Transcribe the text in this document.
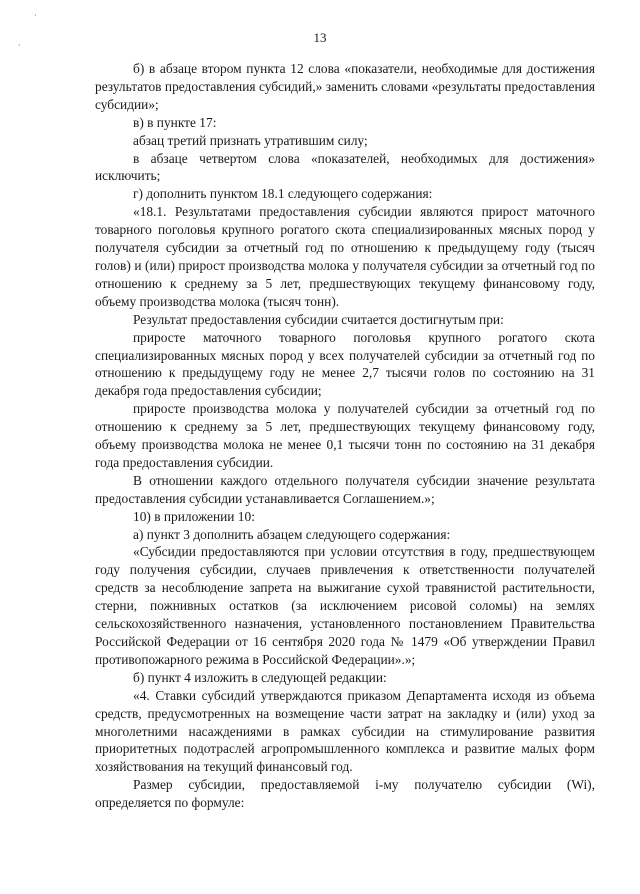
·
·
13

б) в абзаце втором пункта 12 слова «показатели, необходимые для достижения результатов предоставления субсидий,» заменить словами «результаты предоставления субсидии»;

в) в пункте 17:

абзац третий признать утратившим силу;

в абзаце четвертом слова «показателей, необходимых для достижения» исключить;

г) дополнить пунктом 18.1 следующего содержания:

«18.1. Результатами предоставления субсидии являются прирост маточного товарного поголовья крупного рогатого скота специализированных мясных пород у получателя субсидии за отчетный год по отношению к предыдущему году (тысяч голов) и (или) прирост производства молока у получателя субсидии за отчетный год по отношению к среднему за 5 лет, предшествующих текущему финансовому году, объему производства молока (тысяч тонн).

Результат предоставления субсидии считается достигнутым при:

приросте маточного товарного поголовья крупного рогатого скота специализированных мясных пород у всех получателей субсидии за отчетный год по отношению к предыдущему году не менее 2,7 тысячи голов по состоянию на 31 декабря года предоставления субсидии;

приросте производства молока у получателей субсидии за отчетный год по отношению к среднему за 5 лет, предшествующих текущему финансовому году, объему производства молока не менее 0,1 тысячи тонн по состоянию на 31 декабря года предоставления субсидии.

В отношении каждого отдельного получателя субсидии значение результата предоставления субсидии устанавливается Соглашением.»;

10) в приложении 10:

а) пункт 3 дополнить абзацем следующего содержания:

«Субсидии предоставляются при условии отсутствия в году, предшествующем году получения субсидии, случаев привлечения к ответственности получателей средств за несоблюдение запрета на выжигание сухой травянистой растительности, стерни, пожнивных остатков (за исключением рисовой соломы) на землях сельскохозяйственного назначения, установленного постановлением Правительства Российской Федерации от 16 сентября 2020 года № 1479 «Об утверждении Правил противопожарного режима в Российской Федерации».»;

б) пункт 4 изложить в следующей редакции:

«4. Ставки субсидий утверждаются приказом Департамента исходя из объема средств, предусмотренных на возмещение части затрат на закладку и (или) уход за многолетними насаждениями в рамках субсидии на стимулирование развития приоритетных подотраслей агропромышленного комплекса и развитие малых форм хозяйствования на текущий финансовый год.

Размер субсидии, предоставляемой i-му получателю субсидии (Wi), определяется по формуле:
